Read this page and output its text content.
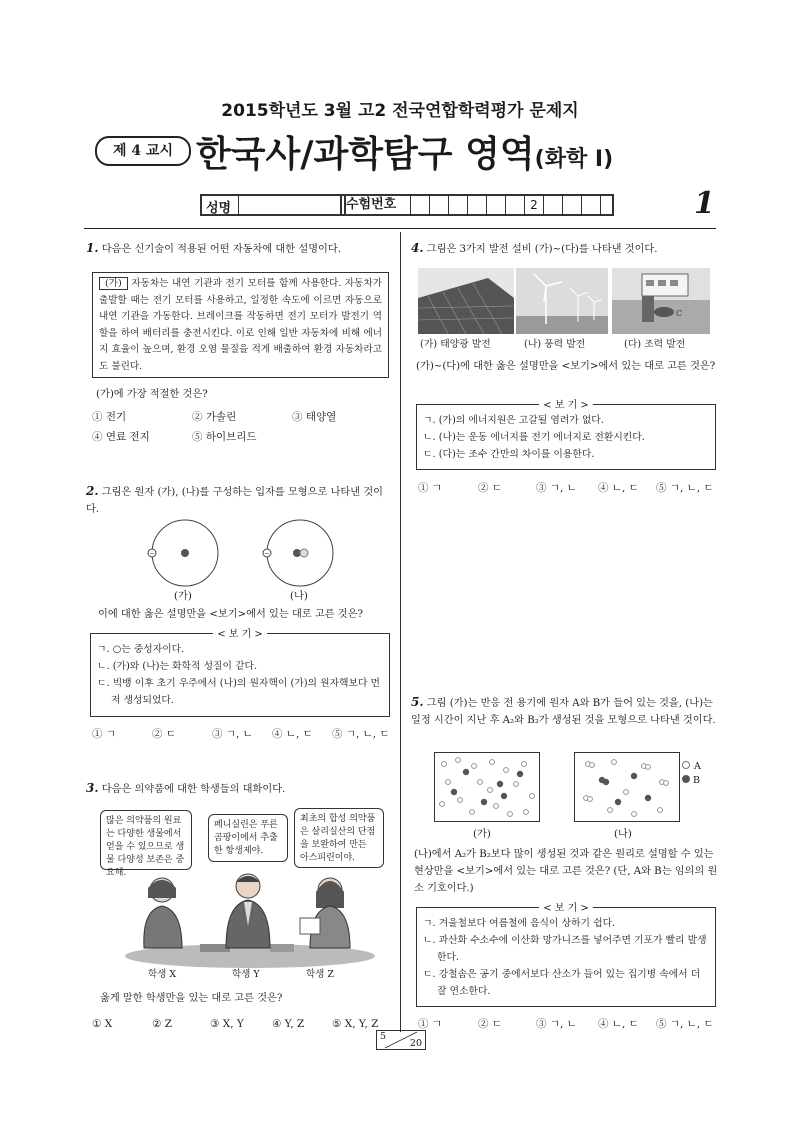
2015학년도 3월 고2 전국연합학력평가 문제지
제 4 교시 한국사/과학탐구 영역(화학 Ⅰ)
성명	수험번호	2	1
1. 다음은 신기술이 적용된 어떤 자동차에 대한 설명이다.
(가) 자동차는 내연 기관과 전기 모터를 함께 사용한다. 자동차가 출발할 때는 전기 모터를 사용하고, 일정한 속도에 이르면 자동으로 내연 기관을 가동한다. 브레이크를 작동하면 전기 모터가 발전기 역할을 하여 배터리를 충전시킨다. 이로 인해 일반 자동차에 비해 에너지 효율이 높으며, 환경 오염 물질을 적게 배출하여 환경 자동차라고도 불린다.
(가)에 가장 적절한 것은?
① 전기	② 가솔린	③ 태양열
④ 연료 전지	⑤ 하이브리드
2. 그림은 원자 (가), (나)를 구성하는 입자를 모형으로 나타낸 것이다.
−	−
(가)	(나)
이에 대한 옳은 설명만을 <보기>에서 있는 대로 고른 것은?
< 보 기 >
ㄱ. ○는 중성자이다.
ㄴ. (가)와 (나)는 화학적 성질이 같다.
ㄷ. 빅뱅 이후 초기 우주에서 (나)의 원자핵이 (가)의 원자핵보다 먼저 생성되었다.
① ㄱ	② ㄷ	③ ㄱ, ㄴ ④ ㄴ, ㄷ ⑤ ㄱ, ㄴ, ㄷ
3. 다음은 의약품에 대한 학생들의 대화이다.
많은 의약품의 원료는 다양한 생물에서 얻을 수 있으므로 생물 다양성 보존은 중요해.
페니실린은 푸른 곰팡이에서 추출한 항생제야.
최초의 합성 의약품은 살리실산의 단점을 보완하여 만든 아스피린이야.
학생 X	학생 Y	학생 Z
옳게 말한 학생만을 있는 대로 고른 것은?
① X	② Z	③ X, Y	④ Y, Z	⑤ X, Y, Z
4. 그림은 3가지 발전 설비 (가)~(다)를 나타낸 것이다.
C
(가) 태양광 발전	(나) 풍력 발전	(다) 조력 발전
(가)~(다)에 대한 옳은 설명만을 <보기>에서 있는 대로 고른 것은?
< 보 기 >
ㄱ. (가)의 에너지원은 고갈될 염려가 없다.
ㄴ. (나)는 운동 에너지를 전기 에너지로 전환시킨다.
ㄷ. (다)는 조수 간만의 차이를 이용한다.
① ㄱ	② ㄷ	③ ㄱ, ㄴ ④ ㄴ, ㄷ ⑤ ㄱ, ㄴ, ㄷ
5. 그림 (가)는 반응 전 용기에 원자 A와 B가 들어 있는 것을, (나)는 일정 시간이 지난 후 A₂와 B₂가 생성된 것을 모형으로 나타낸 것이다.
A
B
(가)	(나)
(나)에서 A₂가 B₂보다 많이 생성된 것과 같은 원리로 설명할 수 있는 현상만을 <보기>에서 있는 대로 고른 것은? (단, A와 B는 임의의 원소 기호이다.)
< 보 기 >
ㄱ. 겨울철보다 여름철에 음식이 상하기 쉽다.
ㄴ. 과산화 수소수에 이산화 망가니즈를 넣어주면 기포가 빨리 발생한다.
ㄷ. 강철솜은 공기 중에서보다 산소가 들어 있는 집기병 속에서 더 잘 연소한다.
① ㄱ	② ㄷ	③ ㄱ, ㄴ ④ ㄴ, ㄷ ⑤ ㄱ, ㄴ, ㄷ
5
20
